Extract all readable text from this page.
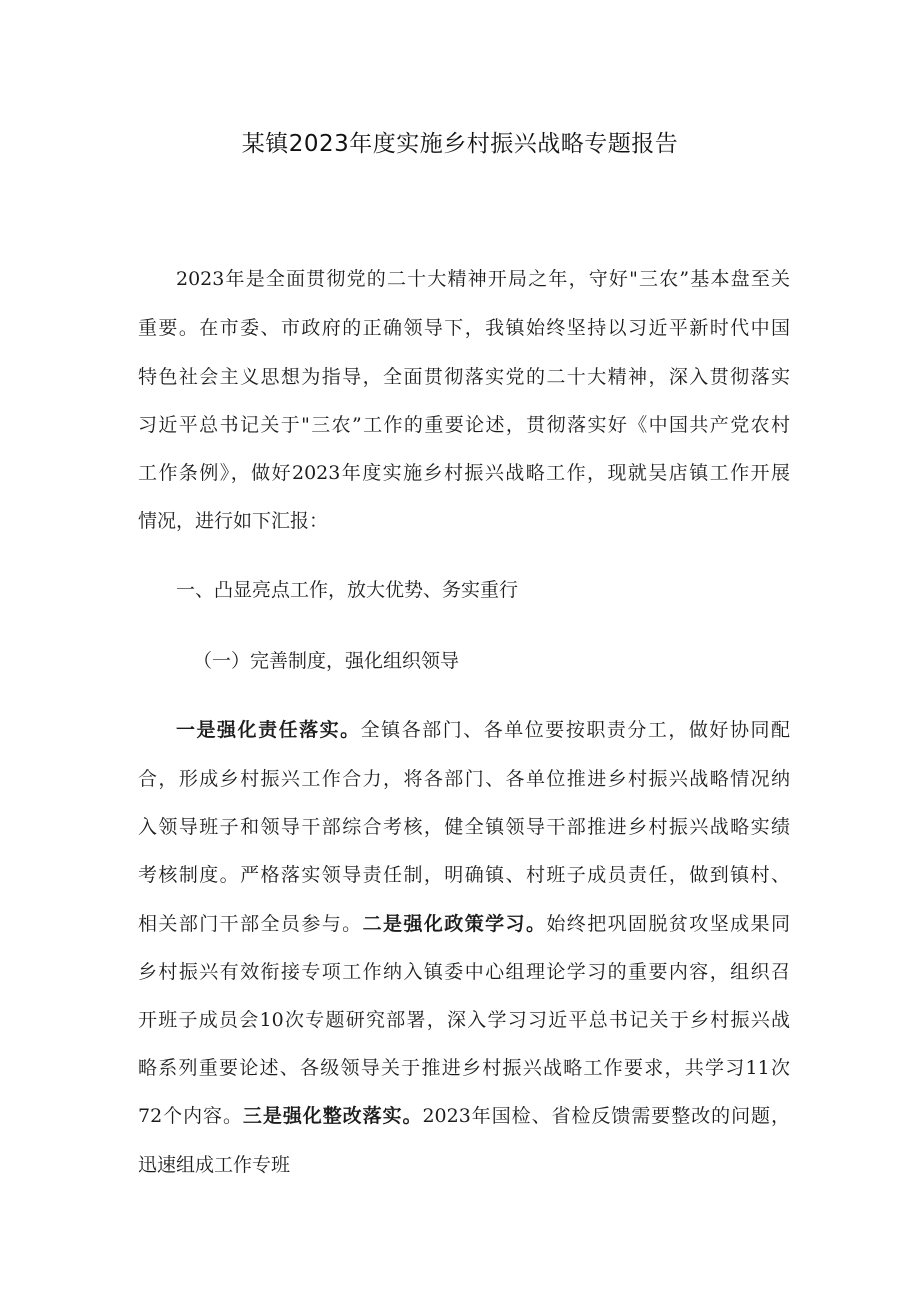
某镇2023年度实施乡村振兴战略专题报告
2023年是全面贯彻党的二十大精神开局之年，守好"三农”基本盘至关
重要。在市委、市政府的正确领导下，我镇始终坚持以习近平新时代中国
特色社会主义思想为指导，全面贯彻落实党的二十大精神，深入贯彻落实
习近平总书记关于"三农”工作的重要论述，贯彻落实好《中国共产党农村
工作条例》，做好2023年度实施乡村振兴战略工作，现就吴店镇工作开展
情况，进行如下汇报：
一、凸显亮点工作，放大优势、务实重行
（一）完善制度，强化组织领导
一是强化责任落实。全镇各部门、各单位要按职责分工，做好协同配
合，形成乡村振兴工作合力，将各部门、各单位推进乡村振兴战略情况纳
入领导班子和领导干部综合考核，健全镇领导干部推进乡村振兴战略实绩
考核制度。严格落实领导责任制，明确镇、村班子成员责任，做到镇村、
相关部门干部全员参与。二是强化政策学习。始终把巩固脱贫攻坚成果同
乡村振兴有效衔接专项工作纳入镇委中心组理论学习的重要内容，组织召
开班子成员会10次专题研究部署，深入学习习近平总书记关于乡村振兴战
略系列重要论述、各级领导关于推进乡村振兴战略工作要求，共学习11次
72个内容。三是强化整改落实。2023年国检、省检反馈需要整改的问题，
迅速组成工作专班
